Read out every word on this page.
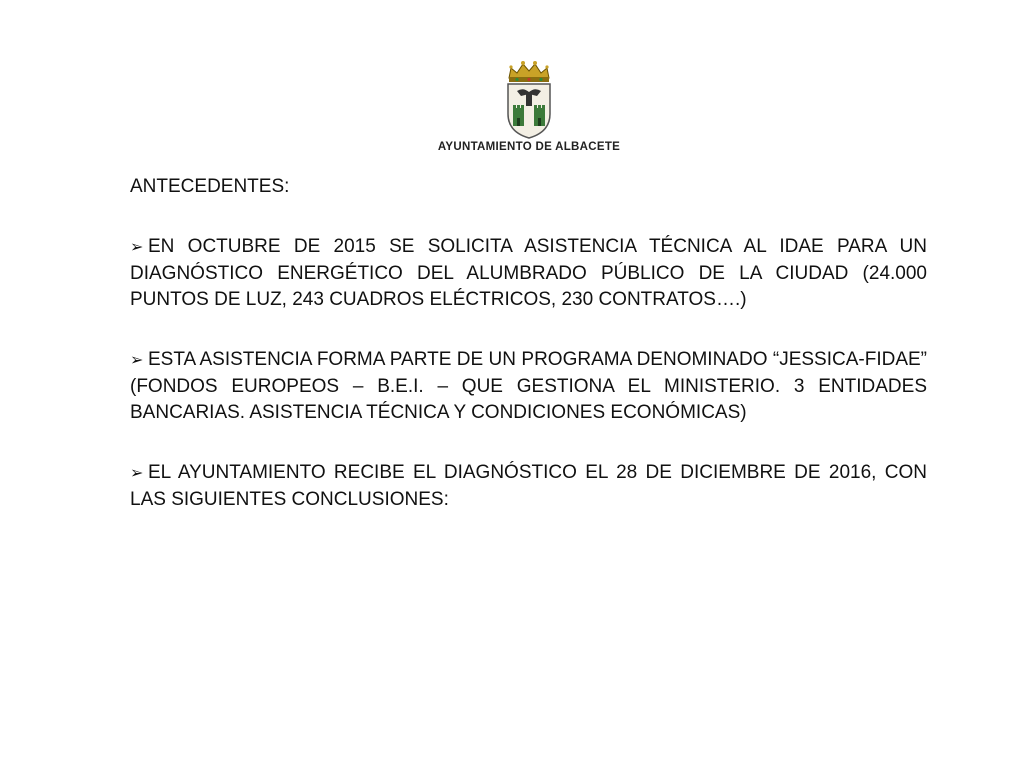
AYUNTAMIENTO DE ALBACETE
ANTECEDENTES:
➢ EN OCTUBRE DE 2015 SE SOLICITA ASISTENCIA TÉCNICA AL IDAE PARA UN DIAGNÓSTICO ENERGÉTICO DEL ALUMBRADO PÚBLICO DE LA CIUDAD (24.000 PUNTOS DE LUZ, 243 CUADROS ELÉCTRICOS, 230 CONTRATOS….)
➢ ESTA ASISTENCIA FORMA PARTE DE UN PROGRAMA DENOMINADO “JESSICA-FIDAE” (FONDOS EUROPEOS – B.E.I. – QUE GESTIONA EL MINISTERIO. 3 ENTIDADES BANCARIAS. ASISTENCIA TÉCNICA Y CONDICIONES ECONÓMICAS)
➢ EL AYUNTAMIENTO RECIBE EL DIAGNÓSTICO EL 28 DE DICIEMBRE DE 2016, CON LAS SIGUIENTES CONCLUSIONES:
